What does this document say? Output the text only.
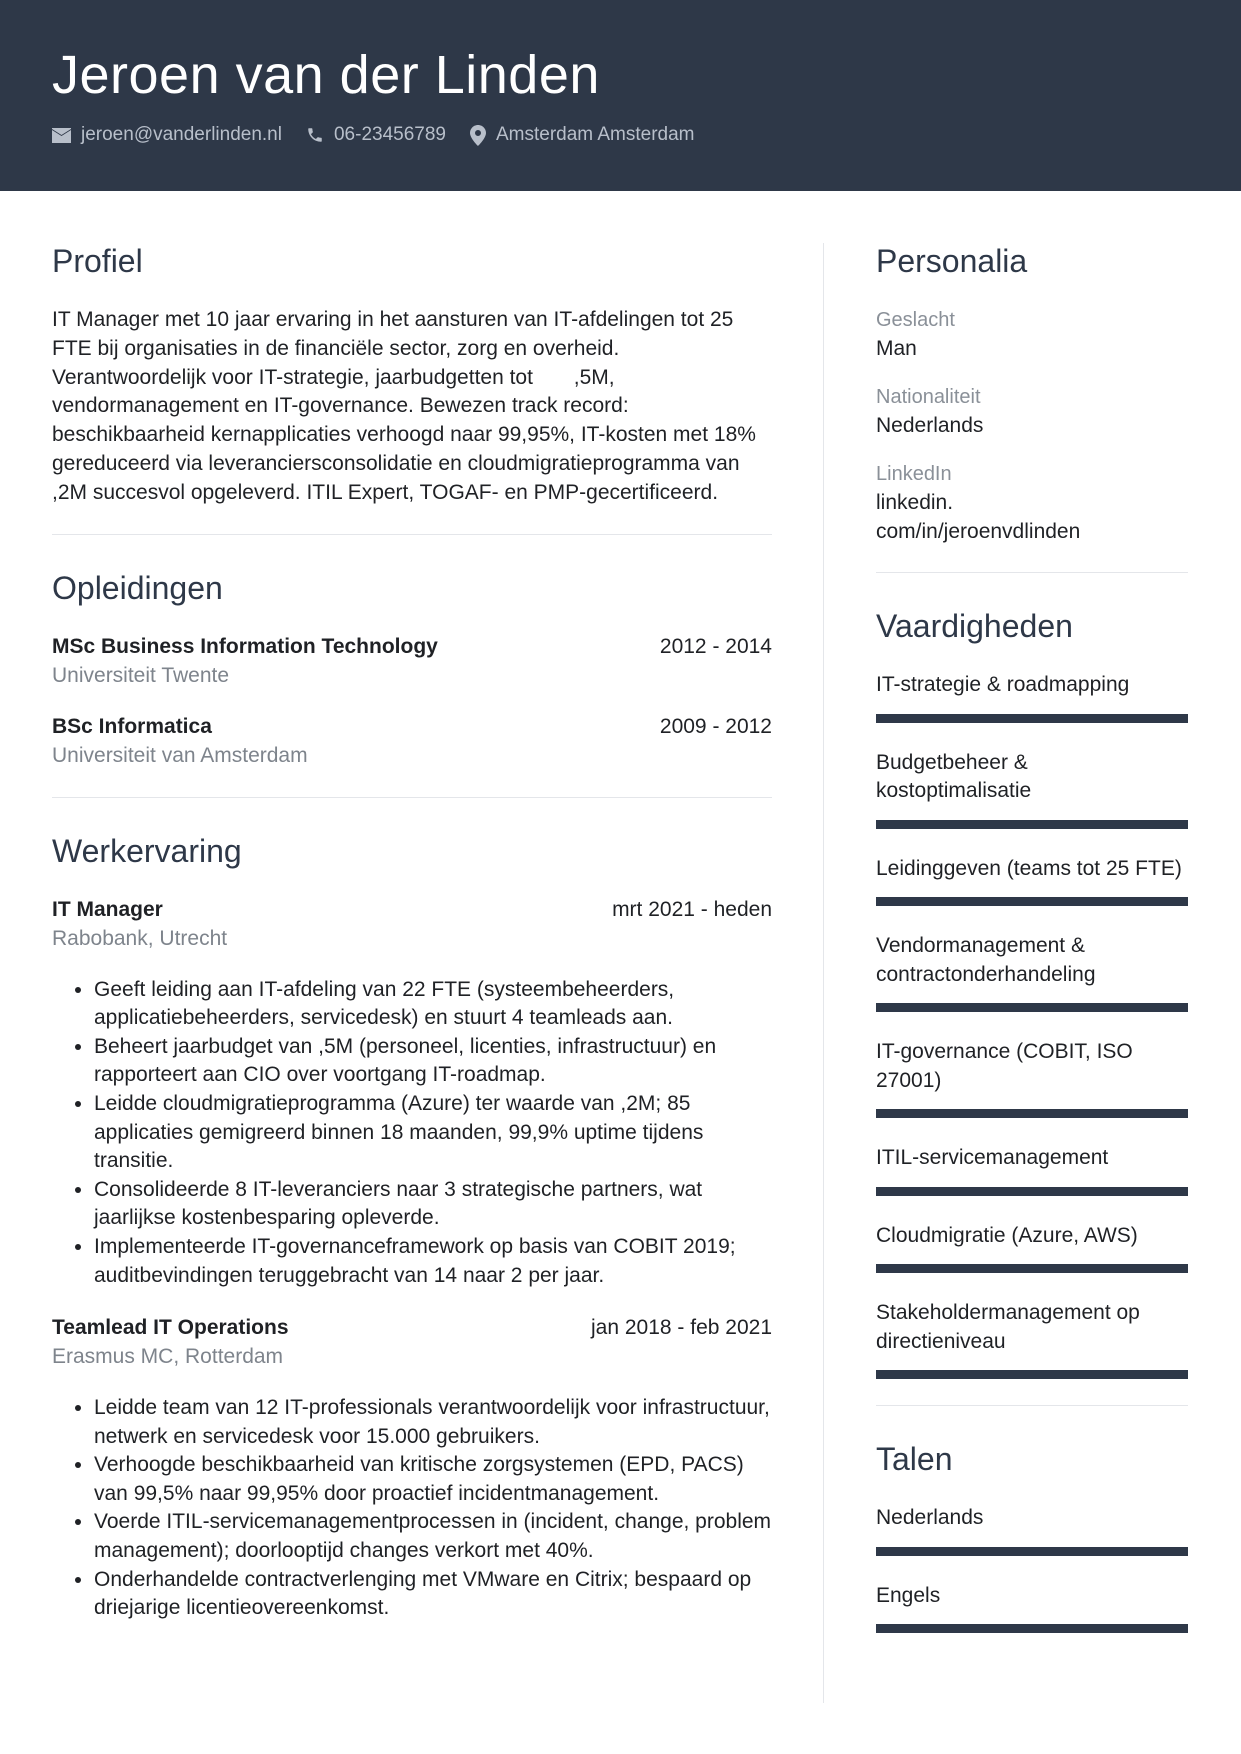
Jeroen van der Linden
jeroen@vanderlinden.nl	06-23456789	Amsterdam Amsterdam
Profiel

IT Manager met 10 jaar ervaring in het aansturen van IT-afdelingen tot 25 FTE bij organisaties in de financiële sector, zorg en overheid. Verantwoordelijk voor IT-strategie, jaarbudgetten tot       ,5M, vendormanagement en IT-governance. Bewezen track record: beschikbaarheid kernapplicaties verhoogd naar 99,95%, IT-kosten met 18% gereduceerd via leveranciersconsolidatie en cloudmigratieprogramma van       ,2M succesvol opgeleverd. ITIL Expert, TOGAF- en PMP-gecertificeerd.

Opleidingen
MSc Business Information Technology	2012 - 2014
Universiteit Twente
BSc Informatica	2009 - 2012
Universiteit van Amsterdam
Werkervaring
IT Manager	mrt 2021 - heden
Rabobank, Utrecht
• Geeft leiding aan IT-afdeling van 22 FTE (systeembeheerders, applicatiebeheerders, servicedesk) en stuurt 4 teamleads aan.
• Beheert jaarbudget van ,5M (personeel, licenties, infrastructuur) en rapporteert aan CIO over voortgang IT-roadmap.
• Leidde cloudmigratieprogramma (Azure) ter waarde van ,2M; 85 applicaties gemigreerd binnen 18 maanden, 99,9% uptime tijdens transitie.
• Consolideerde 8 IT-leveranciers naar 3 strategische partners, wat             jaarlijkse kostenbesparing opleverde.
• Implementeerde IT-governanceframework op basis van COBIT 2019; auditbevindingen teruggebracht van 14 naar 2 per jaar.
Teamlead IT Operations	jan 2018 - feb 2021
Erasmus MC, Rotterdam
• Leidde team van 12 IT-professionals verantwoordelijk voor infrastructuur, netwerk en servicedesk voor 15.000 gebruikers.
• Verhoogde beschikbaarheid van kritische zorgsystemen (EPD, PACS) van 99,5% naar 99,95% door proactief incidentmanagement.
• Voerde ITIL-servicemanagementprocessen in (incident, change, problem management); doorlooptijd changes verkort met 40%.
• Onderhandelde contractverlenging met VMware en Citrix; bespaard op driejarige licentieovereenkomst.
Personalia
Geslacht
Man
Nationaliteit
Nederlands
LinkedIn
linkedin.
com/in/jeroenvdlinden
Vaardigheden
IT-strategie & roadmapping
Budgetbeheer & kostoptimalisatie
Leidinggeven (teams tot 25 FTE)
Vendormanagement & contractonderhandeling
IT-governance (COBIT, ISO 27001)
ITIL-servicemanagement
Cloudmigratie (Azure, AWS)
Stakeholdermanagement op directieniveau
Talen
Nederlands
Engels
